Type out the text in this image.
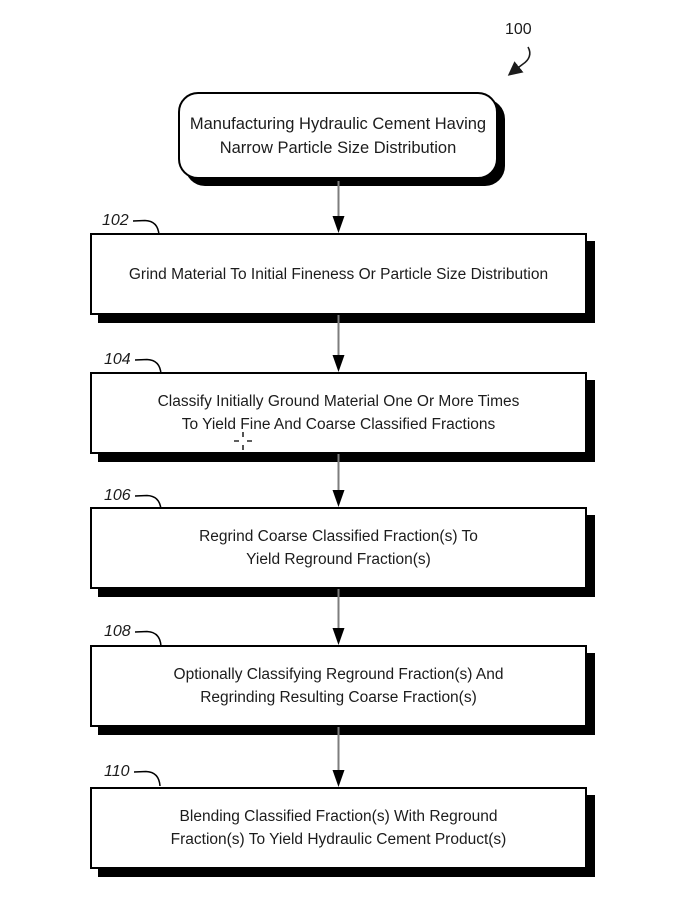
100
Manufacturing Hydraulic Cement Having
Narrow Particle Size Distribution
102
Grind Material To Initial Fineness Or Particle Size Distribution
104
Classify Initially Ground Material One Or More Times
To Yield Fine And Coarse Classified Fractions
106
Regrind Coarse Classified Fraction(s) To
Yield Reground Fraction(s)
108
Optionally Classifying Reground Fraction(s) And
Regrinding Resulting Coarse Fraction(s)
110
Blending Classified Fraction(s) With Reground
Fraction(s) To Yield Hydraulic Cement Product(s)
